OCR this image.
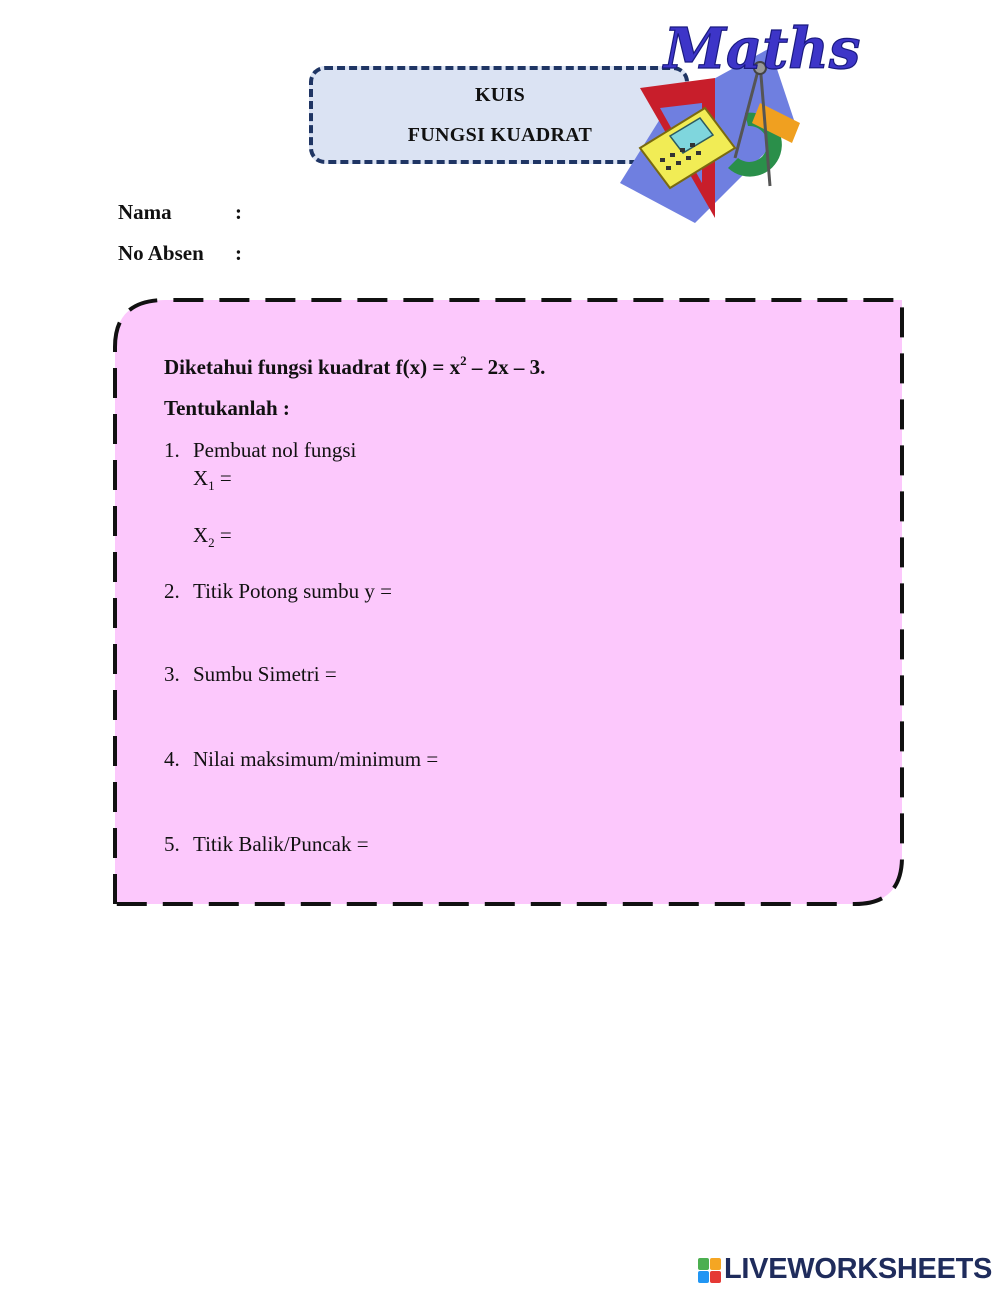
KUIS
FUNGSI KUADRAT
Maths
Nama	:
No Absen :
Diketahui fungsi kuadrat $f(x) = x^2 - 2x - 3$.
Tentukanlah :
1. Pembuat nol fungsi
$X_1$ =
$X_2$ =
2. Titik Potong sumbu y =
3. Sumbu Simetri =
4. Nilai maksimum/minimum =
5. Titik Balik/Puncak =
LIVEWORKSHEETS
